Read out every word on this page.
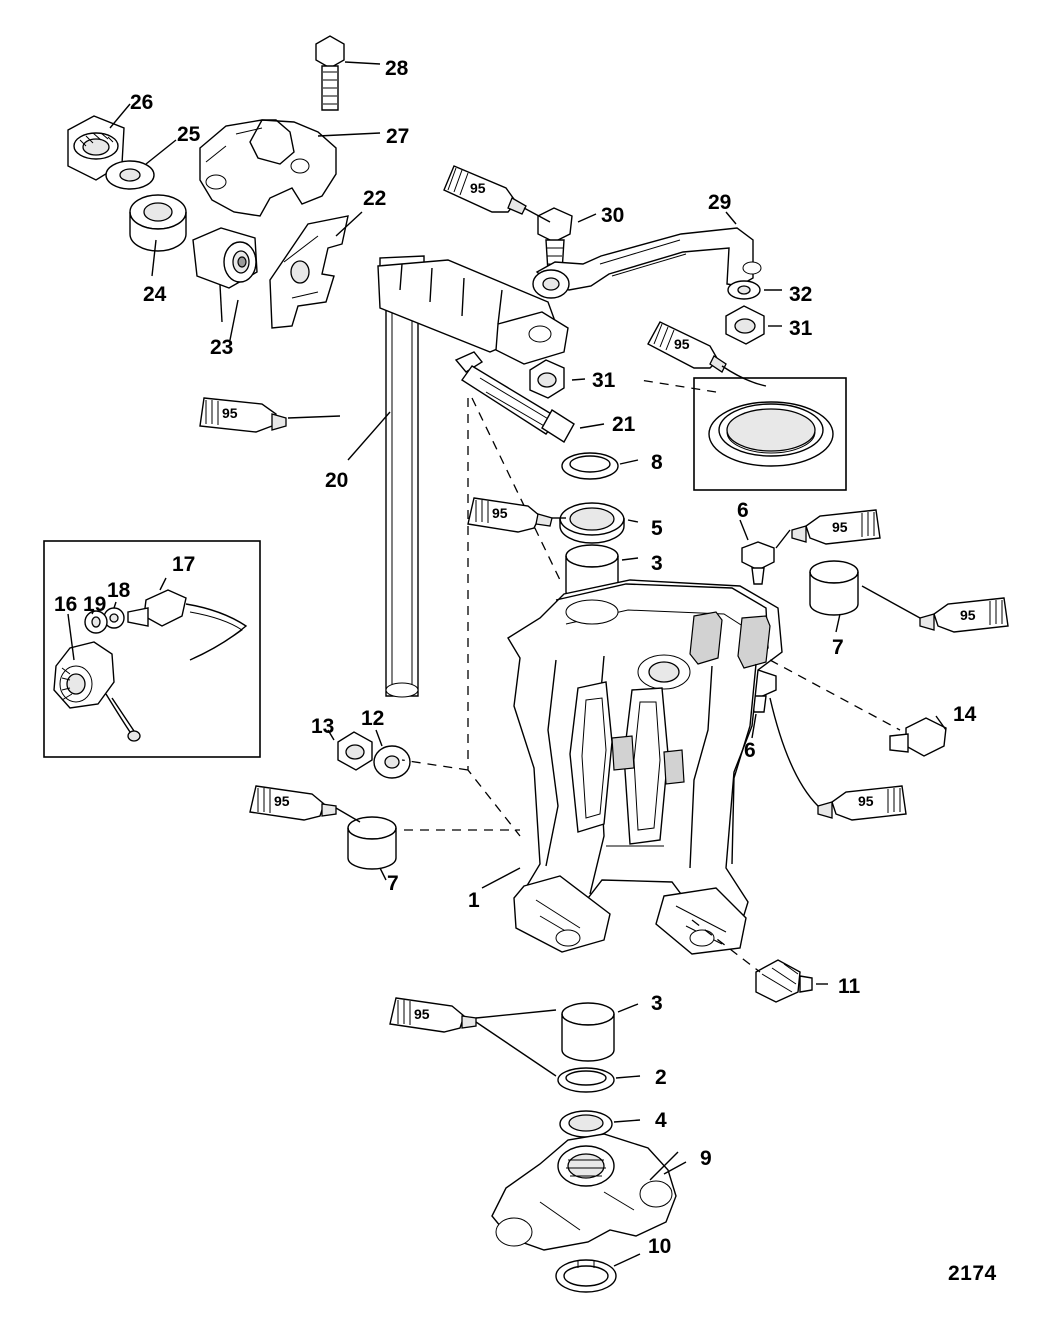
95
95
95
95
95
95
95	95
95
28
26
25	27
22
30
29
24
23
32
31
31
21
20
8
6
5
3
7
17
16 19
18
13 12
6
14
7
1
11
3
2
4
9
10
2174
